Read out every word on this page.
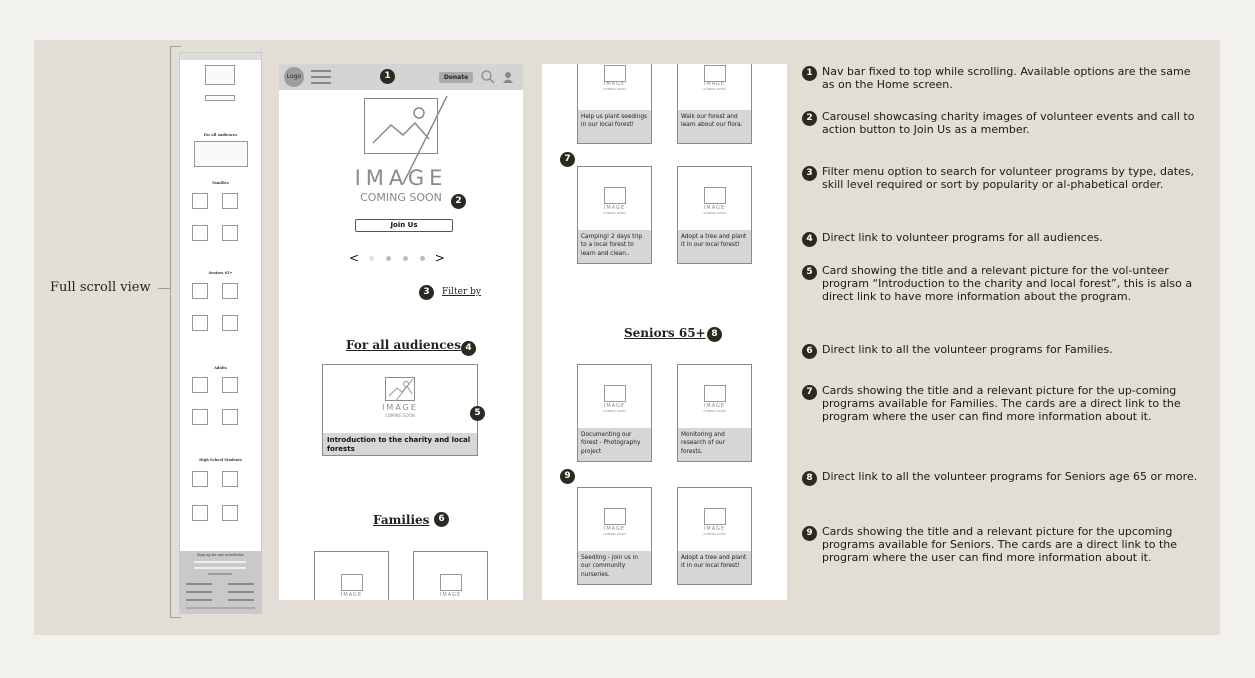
Full scroll view
For all audiences
Families
Seniors 65+
Adults
High School Students
Sign up for our newsletter
Logo	1	Donate
IMAGE
COMING SOON	2
Join Us
<	>
3	Filter by
For all audiences 4
IMAGE
COMING SOON
Introduction to the charity and local forests
5
Families 6
IMAGE	IMAGE
IMAGE
COMING SOON
Help us plant seedings in our local forest!
IMAGE
COMING SOON
Walk our forest and learn about our flora.
7
IMAGE
COMING SOON
Camping! 2 days trip to a local forest to learn and clean..
IMAGE
COMING SOON
Adopt a tree and plant it in our local forest!
Seniors 65+ 8
IMAGE
COMING SOON
Documenting our forest - Photography project
IMAGE
COMING SOON
Monitoring and research of our forests.
9
IMAGE
COMING SOON
Seedling - join us in our community nurseries.
IMAGE
COMING SOON
Adopt a tree and plant it in our local forest!
1 Nav bar fixed to top while scrolling. Available options are the same as on the Home screen.
2 Carousel showcasing charity images of volunteer events and call to action button to Join Us as a member.
3 Filter menu option to search for volunteer programs by type, dates, skill level required or sort by popularity or al-phabetical order.
4 Direct link to volunteer programs for all audiences.
5 Card showing the title and a relevant picture for the vol-unteer program “Introduction to the charity and local forest”, this is also a direct link to have more information about the program.
6 Direct link to all the volunteer programs for Families.
7 Cards showing the title and a relevant picture for the up-coming programs available for Families. The cards are a direct link to the program where the user can find more information about it.
8 Direct link to all the volunteer programs for Seniors age 65 or more.
9 Cards showing the title and a relevant picture for the upcoming programs available for Seniors. The cards are a direct link to the program where the user can find more information about it.
